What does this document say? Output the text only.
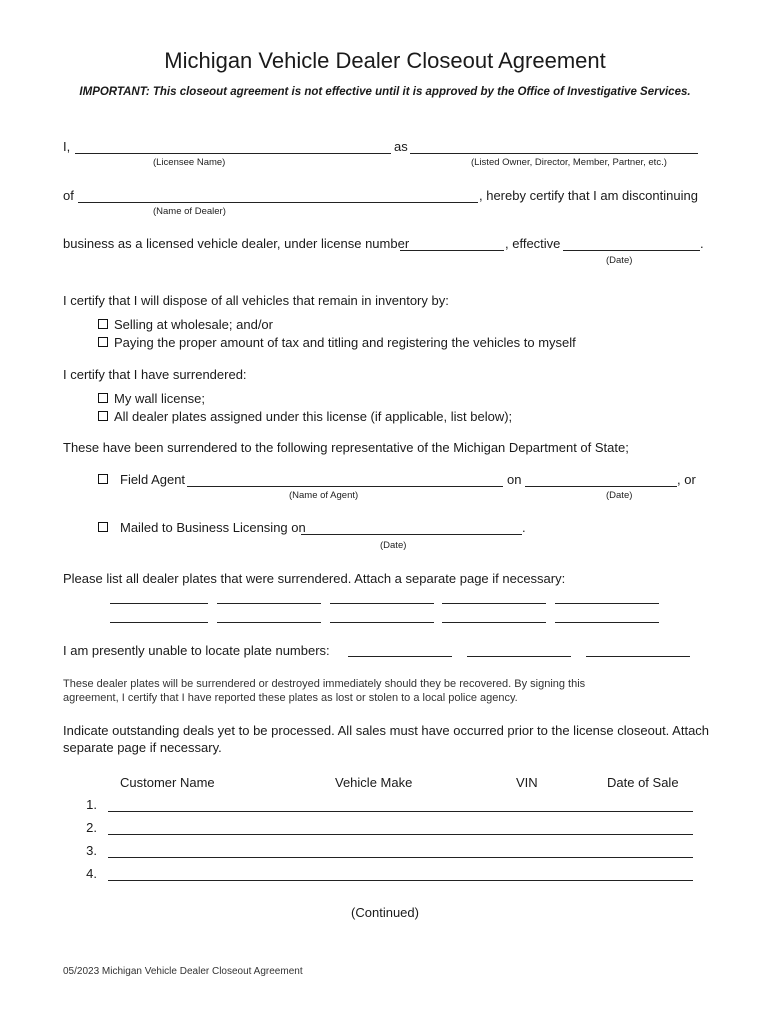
Michigan Vehicle Dealer Closeout Agreement
IMPORTANT: This closeout agreement is not effective until it is approved by the Office of Investigative Services.
I,	as
(Licensee Name)	(Listed Owner, Director, Member, Partner, etc.)
of	, hereby certify that I am discontinuing
(Name of Dealer)
business as a licensed vehicle dealer, under license number	, effective	.
(Date)
I certify that I will dispose of all vehicles that remain in inventory by:
Selling at wholesale; and/or
Paying the proper amount of tax and titling and registering the vehicles to myself
I certify that I have surrendered:
My wall license;
All dealer plates assigned under this license (if applicable, list below);
These have been surrendered to the following representative of the Michigan Department of State;
Field Agent	on	, or
(Name of Agent)	(Date)
Mailed to Business Licensing on	.
(Date)
Please list all dealer plates that were surrendered. Attach a separate page if necessary:
I am presently unable to locate plate numbers:
These dealer plates will be surrendered or destroyed immediately should they be recovered. By signing this
agreement, I certify that I have reported these plates as lost or stolen to a local police agency.
Indicate outstanding deals yet to be processed. All sales must have occurred prior to the license closeout. Attach
separate page if necessary.
Customer Name	Vehicle Make	VIN	Date of Sale
1.
2.
3.
4.
(Continued)
05/2023 Michigan Vehicle Dealer Closeout Agreement
